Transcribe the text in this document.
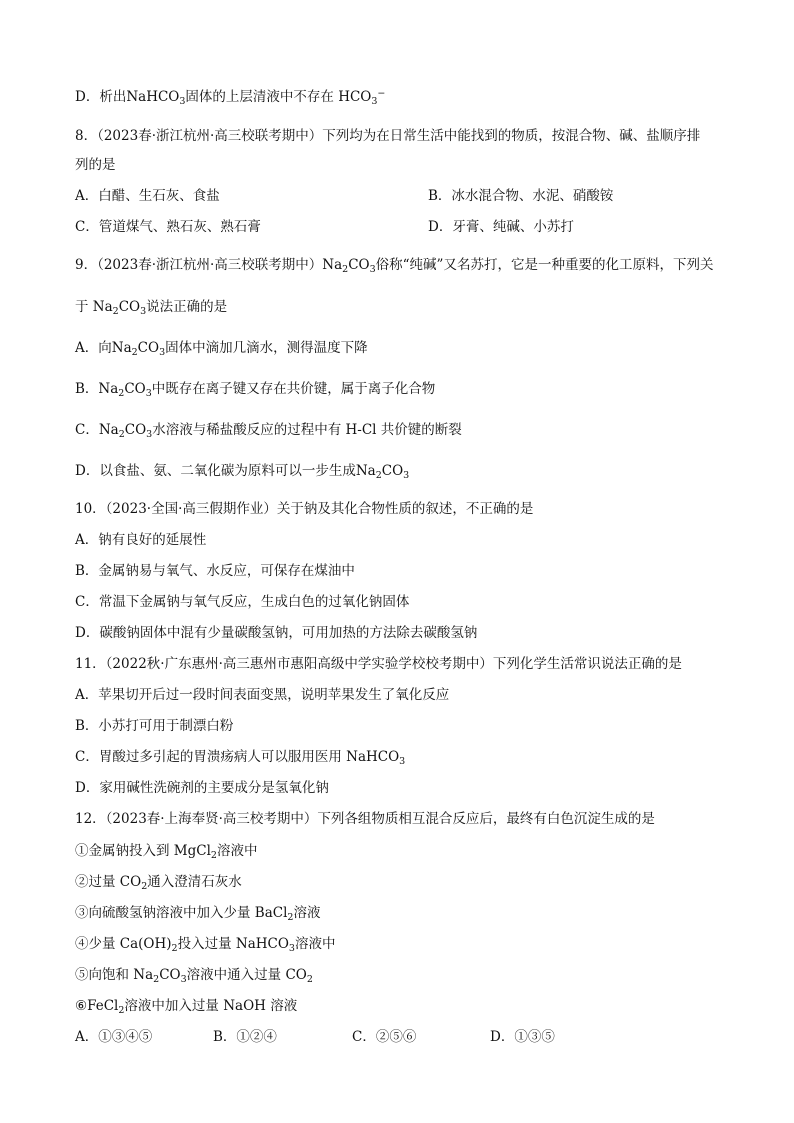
D．析出NaHCO$_3$固体的上层清液中不存在 $HCO_3^-$
8．（2023春·浙江杭州·高三校联考期中）下列均为在日常生活中能找到的物质，按混合物、碱、盐顺序排
列的是
A．白醋、生石灰、食盐	B．冰水混合物、水泥、硝酸铵
C．管道煤气、熟石灰、熟石膏	D．牙膏、纯碱、小苏打
9．（2023春·浙江杭州·高三校联考期中）$Na_2CO_3$俗称“纯碱”又名苏打，它是一种重要的化工原料，下列关
于 $Na_2CO_3$说法正确的是
A．向$Na_2CO_3$固体中滴加几滴水，测得温度下降
B．$Na_2CO_3$中既存在离子键又存在共价键，属于离子化合物
C．$Na_2CO_3$水溶液与稀盐酸反应的过程中有 H-Cl 共价键的断裂
D．以食盐、氨、二氧化碳为原料可以一步生成$Na_2CO_3$
10．（2023·全国·高三假期作业）关于钠及其化合物性质的叙述，不正确的是
A．钠有良好的延展性
B．金属钠易与氧气、水反应，可保存在煤油中
C．常温下金属钠与氧气反应，生成白色的过氧化钠固体
D．碳酸钠固体中混有少量碳酸氢钠，可用加热的方法除去碳酸氢钠
11．（2022秋·广东惠州·高三惠州市惠阳高级中学实验学校校考期中）下列化学生活常识说法正确的是
A．苹果切开后过一段时间表面变黑，说明苹果发生了氧化反应
B．小苏打可用于制漂白粉
C．胃酸过多引起的胃溃疡病人可以服用医用 NaHCO$_3$
D．家用碱性洗碗剂的主要成分是氢氧化钠
12．（2023春·上海奉贤·高三校考期中）下列各组物质相互混合反应后，最终有白色沉淀生成的是
①金属钠投入到 MgCl$_2$溶液中
②过量 $CO_2$通入澄清石灰水
③向硫酸氢钠溶液中加入少量 BaCl$_2$溶液
④少量 $Ca(OH)_2$投入过量 NaHCO$_3$溶液中
⑤向饱和 $Na_2CO_3$溶液中通入过量 $CO_2$
⑥FeCl$_2$溶液中加入过量 NaOH 溶液
A．①③④⑤	B．①②④	C．②⑤⑥	D．①③⑤
